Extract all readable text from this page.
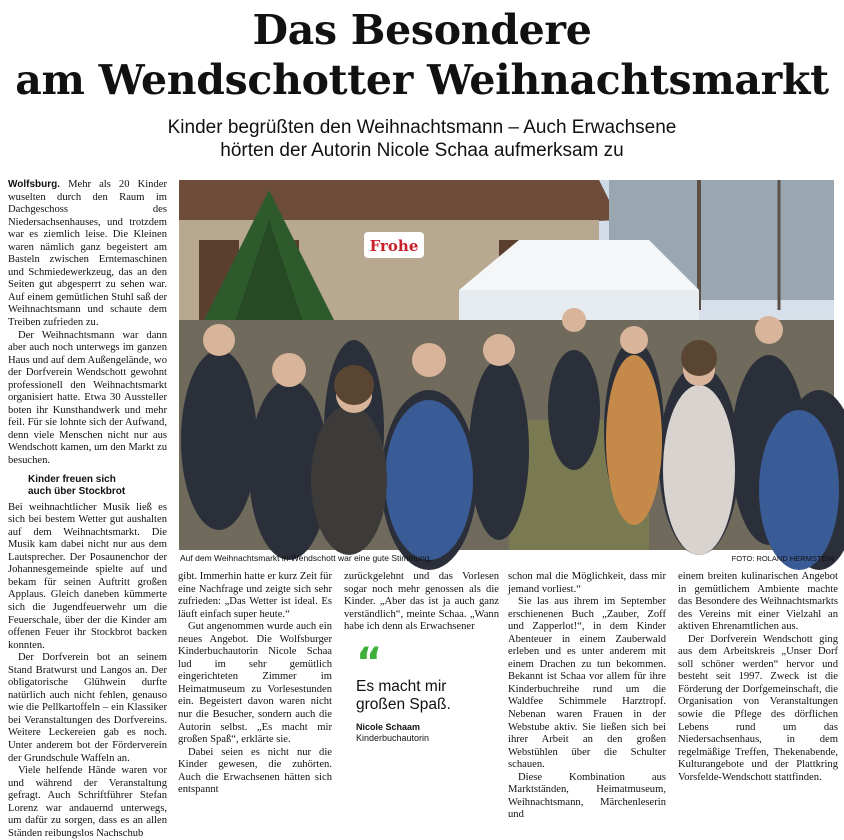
Das Besondere
am Wendschotter Weihnachtsmarkt
Kinder begrüßten den Weihnachtsmann – Auch Erwachsene
hörten der Autorin Nicole Schaa aufmerksam zu

Wolfsburg. Mehr als 20 Kinder wuselten durch den Raum im Dachgeschoss des Niedersachsenhauses, und trotzdem war es ziemlich leise. Die Kleinen waren nämlich ganz begeistert am Basteln zwischen Erntemaschinen und Schmiedewerkzeug, das an den Seiten gut abgesperrt zu sehen war. Auf einem gemütlichen Stuhl saß der Weihnachtsmann und schaute dem Treiben zufrieden zu.

Der Weihnachtsmann war dann aber auch noch unterwegs im ganzen Haus und auf dem Außengelände, wo der Dorfverein Wendschott gewohnt professionell den Weihnachtsmarkt organisiert hatte. Etwa 30 Aussteller boten ihr Kunsthandwerk und mehr feil. Für sie lohnte sich der Aufwand, denn viele Menschen nicht nur aus Wendschott kamen, um den Markt zu besuchen.

Kinder freuen sich
auch über Stockbrot

Bei weihnachtlicher Musik ließ es sich bei bestem Wetter gut aushalten auf dem Weihnachtsmarkt. Die Musik kam dabei nicht nur aus dem Lautsprecher. Der Posaunenchor der Johannesgemeinde spielte auf und bekam für seinen Auftritt großen Applaus. Gleich daneben kümmerte sich die Jugendfeuerwehr um die Feuerschale, über der die Kinder am offenen Feuer ihr Stockbrot backen konnten.

Der Dorfverein bot an seinem Stand Bratwurst und Langos an. Der obligatorische Glühwein durfte natürlich auch nicht fehlen, genauso wie die Pellkartoffeln – ein Klassiker bei Veranstaltungen des Dorfvereins. Weitere Leckereien gab es noch. Unter anderem bot der Förderverein der Grundschule Waffeln an.

Viele helfende Hände waren vor und während der Veranstaltung gefragt. Auch Schriftführer Stefan Lorenz war andauernd unterwegs, um dafür zu sorgen, dass es an allen Ständen reibungslos Nachschub

Frohe
Auf dem Weihnachtsmarkt in Wendschott war eine gute Stimmung.	FOTO: ROLAND HERMSTEIN

gibt. Immerhin hatte er kurz Zeit für eine Nachfrage und zeigte sich sehr zufrieden: „Das Wetter ist ideal. Es läuft einfach super heute.“

Gut angenommen wurde auch ein neues Angebot. Die Wolfsburger Kinderbuchautorin Nicole Schaa lud im sehr gemütlich eingerichteten Zimmer im Heimatmuseum zu Vorlesestunden ein. Begeistert davon waren nicht nur die Besucher, sondern auch die Autorin selbst. „Es macht mir großen Spaß“, erklärte sie.

Dabei seien es nicht nur die Kinder gewesen, die zuhörten. Auch die Erwachsenen hätten sich entspannt

zurückgelehnt und das Vorlesen sogar noch mehr genossen als die Kinder. „Aber das ist ja auch ganz verständlich“, meinte Schaa. „Wann habe ich denn als Erwachsener

“
Es macht mir
großen Spaß.
Nicole Schaam
Kinderbuchautorin

schon mal die Möglichkeit, dass mir jemand vorliest.“

Sie las aus ihrem im September erschienenen Buch „Zauber, Zoff und Zapperlot!“, in dem Kinder Abenteuer in einem Zauberwald erleben und es unter anderem mit einem Drachen zu tun bekommen. Bekannt ist Schaa vor allem für ihre Kinderbuchreihe rund um die Waldfee Schimmele Harztropf. Nebenan waren Frauen in der Webstube aktiv. Sie ließen sich bei ihrer Arbeit an den großen Webstühlen über die Schulter schauen.

Diese Kombination aus Marktständen, Heimatmuseum, Weihnachtsmann, Märchenleserin und

einem breiten kulinarischen Angebot in gemütlichem Ambiente machte das Besondere des Weihnachtsmarkts des Vereins mit einer Vielzahl an aktiven Ehrenamtlichen aus.

Der Dorfverein Wendschott ging aus dem Arbeitskreis „Unser Dorf soll schöner werden“ hervor und besteht seit 1997. Zweck ist die Förderung der Dorfgemeinschaft, die Organisation von Veranstaltungen sowie die Pflege des dörflichen Lebens rund um das Niedersachsenhaus, in dem regelmäßige Treffen, Thekenabende, Kulturangebote und der Plattkring Vorsfelde-Wendschott stattfinden.
